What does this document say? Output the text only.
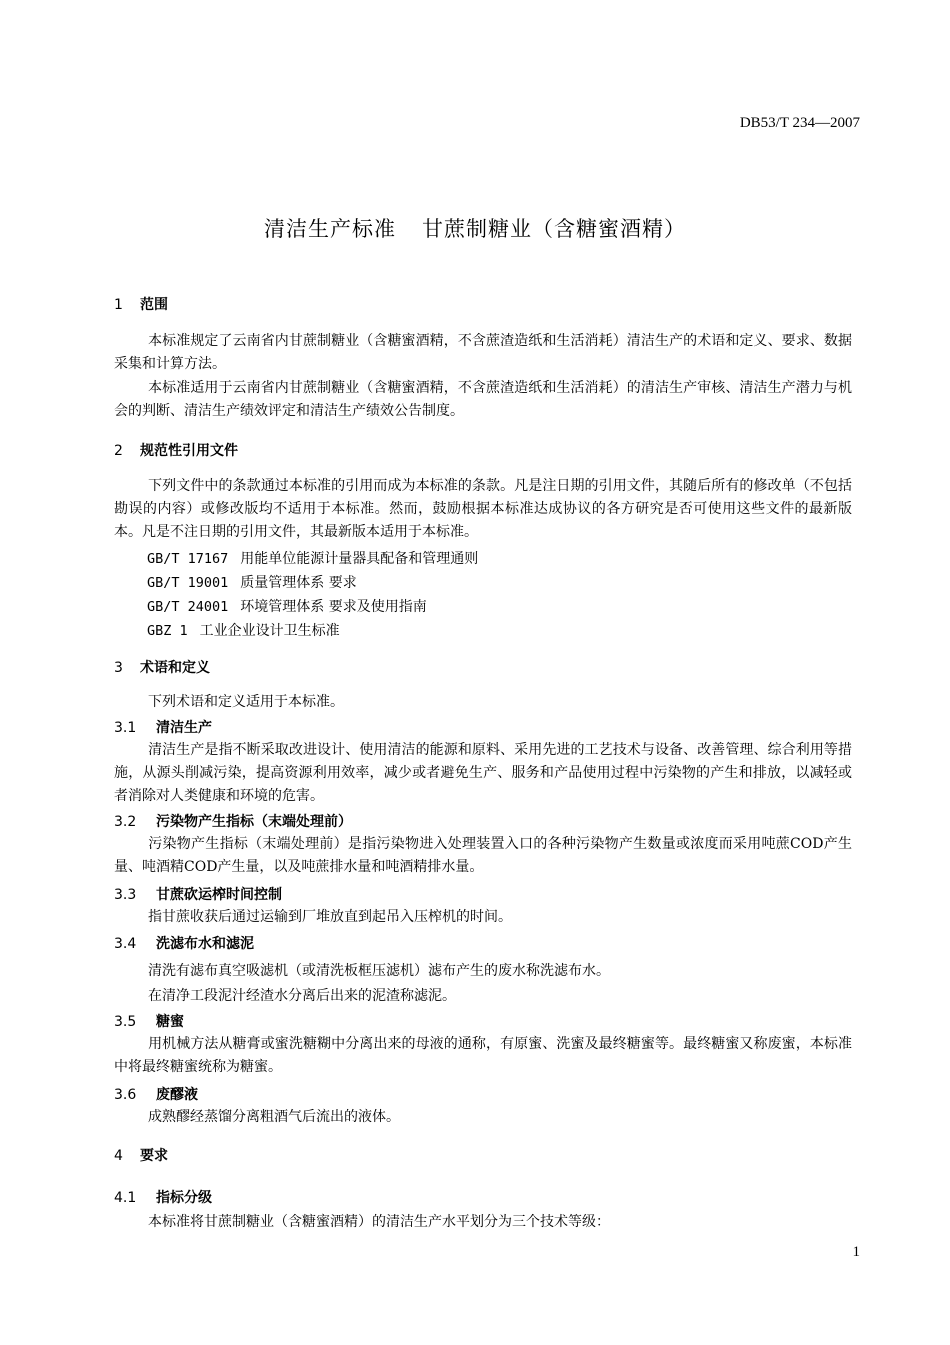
DB53/T 234—2007
清洁生产标准 甘蔗制糖业（含糖蜜酒精）
1 范围
本标准规定了云南省内甘蔗制糖业（含糖蜜酒精，不含蔗渣造纸和生活消耗）清洁生产的术语和定义、要求、数据采集和计算方法。
本标准适用于云南省内甘蔗制糖业（含糖蜜酒精，不含蔗渣造纸和生活消耗）的清洁生产审核、清洁生产潜力与机会的判断、清洁生产绩效评定和清洁生产绩效公告制度。
2 规范性引用文件
下列文件中的条款通过本标准的引用而成为本标准的条款。凡是注日期的引用文件，其随后所有的修改单（不包括勘误的内容）或修改版均不适用于本标准。然而，鼓励根据本标准达成协议的各方研究是否可使用这些文件的最新版本。凡是不注日期的引用文件，其最新版本适用于本标准。
GB/T 17167 用能单位能源计量器具配备和管理通则
GB/T 19001 质量管理体系 要求
GB/T 24001 环境管理体系 要求及使用指南
GBZ 1 工业企业设计卫生标准
3 术语和定义
下列术语和定义适用于本标准。
3.1 清洁生产
清洁生产是指不断采取改进设计、使用清洁的能源和原料、采用先进的工艺技术与设备、改善管理、综合利用等措施，从源头削减污染，提高资源利用效率，减少或者避免生产、服务和产品使用过程中污染物的产生和排放，以减轻或者消除对人类健康和环境的危害。
3.2 污染物产生指标（末端处理前）
污染物产生指标（末端处理前）是指污染物进入处理装置入口的各种污染物产生数量或浓度而采用吨蔗COD产生量、吨酒精COD产生量，以及吨蔗排水量和吨酒精排水量。
3.3 甘蔗砍运榨时间控制
指甘蔗收获后通过运输到厂堆放直到起吊入压榨机的时间。
3.4 洗滤布水和滤泥
清洗有滤布真空吸滤机（或清洗板框压滤机）滤布产生的废水称洗滤布水。
在清净工段泥汁经渣水分离后出来的泥渣称滤泥。
3.5 糖蜜
用机械方法从糖膏或蜜洗糖糊中分离出来的母液的通称，有原蜜、洗蜜及最终糖蜜等。最终糖蜜又称废蜜，本标准中将最终糖蜜统称为糖蜜。
3.6 废醪液
成熟醪经蒸馏分离粗酒气后流出的液体。
4 要求
4.1 指标分级
本标准将甘蔗制糖业（含糖蜜酒精）的清洁生产水平划分为三个技术等级：
1
